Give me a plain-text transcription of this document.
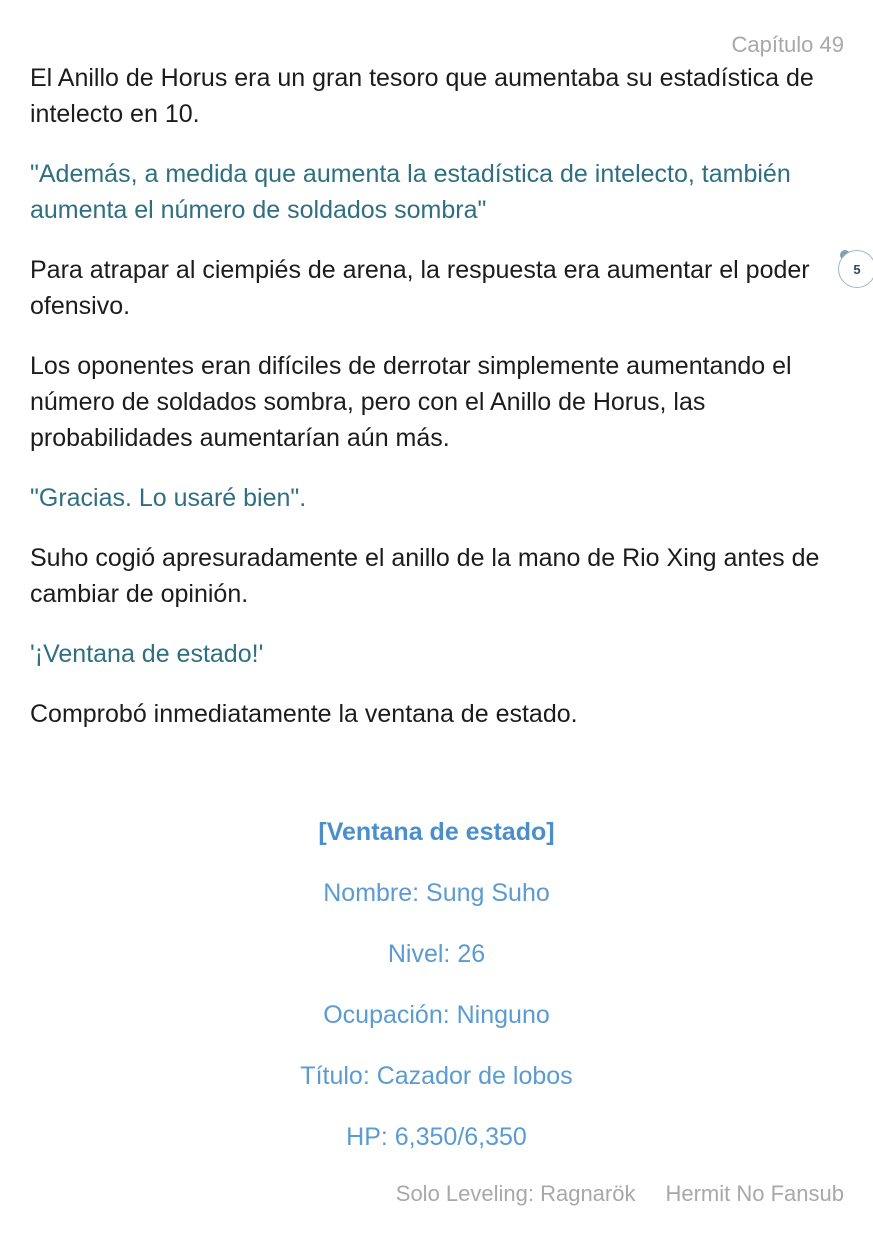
Capítulo 49

El Anillo de Horus era un gran tesoro que aumentaba su estadística de intelecto en 10.

"Además, a medida que aumenta la estadística de intelecto, también aumenta el número de soldados sombra"

Para atrapar al ciempiés de arena, la respuesta era aumentar el poder ofensivo.

Los oponentes eran difíciles de derrotar simplemente aumentando el número de soldados sombra, pero con el Anillo de Horus, las probabilidades aumentarían aún más.

"Gracias. Lo usaré bien".

Suho cogió apresuradamente el anillo de la mano de Rio Xing antes de cambiar de opinión.

'¡Ventana de estado!'

Comprobó inmediatamente la ventana de estado.

5
[Ventana de estado]
Nombre: Sung Suho
Nivel: 26
Ocupación: Ninguno
Título: Cazador de lobos
HP: 6,350/6,350
Solo Leveling: Ragnarök Hermit No Fansub
